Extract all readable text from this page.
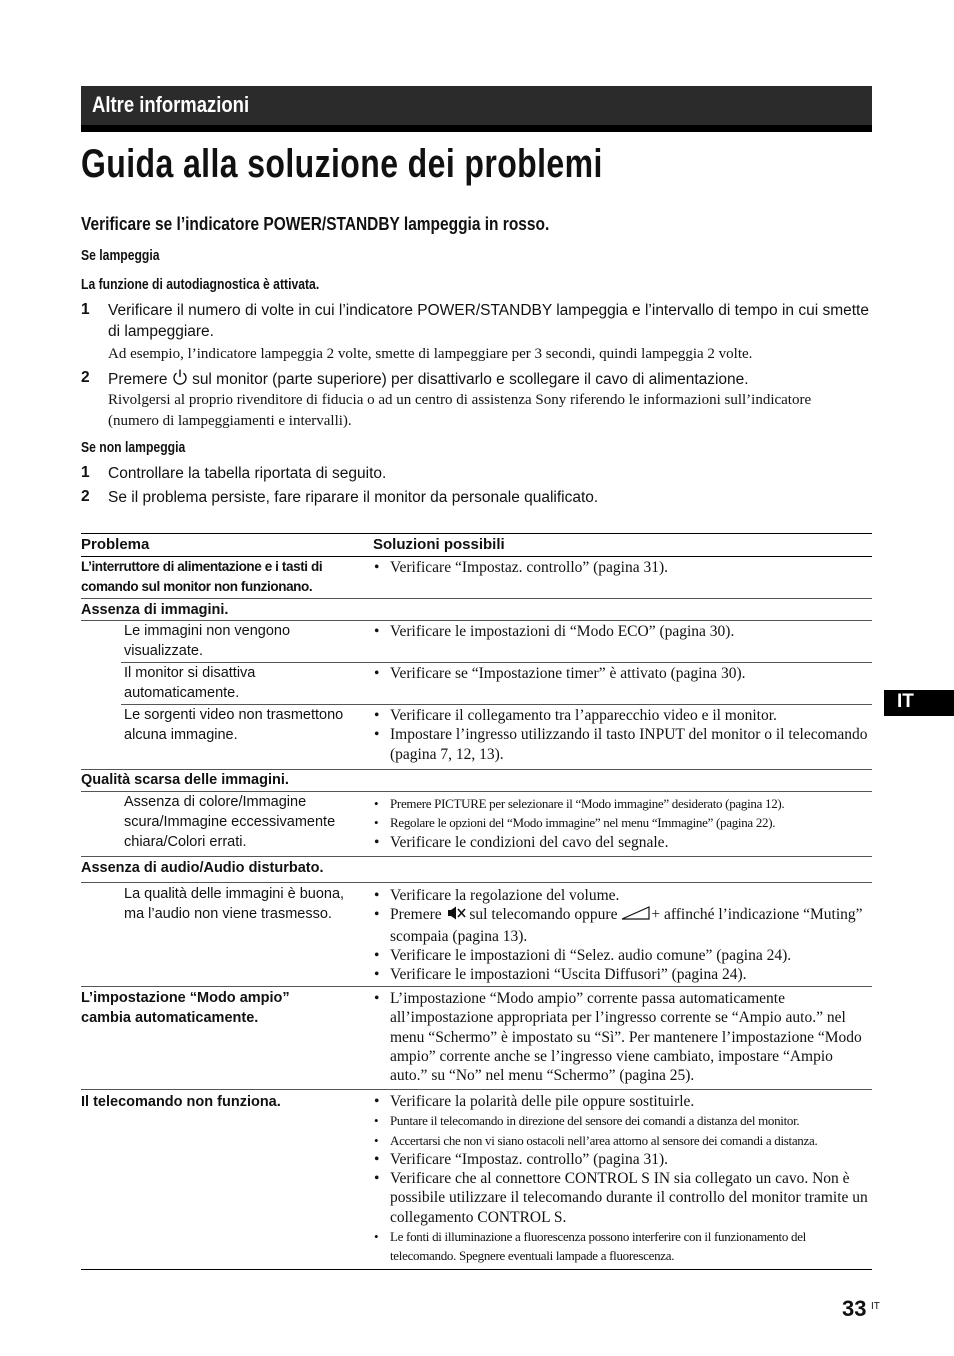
Altre informazioni
Guida alla soluzione dei problemi
Verificare se l’indicatore POWER/STANDBY lampeggia in rosso.
Se lampeggia
La funzione di autodiagnostica è attivata.
1 Verificare il numero di volte in cui l’indicatore POWER/STANDBY lampeggia e l’intervallo di tempo in cui smette di lampeggiare.
Ad esempio, l’indicatore lampeggia 2 volte, smette di lampeggiare per 3 secondi, quindi lampeggia 2 volte.
2 Premere sul monitor (parte superiore) per disattivarlo e scollegare il cavo di alimentazione.
Rivolgersi al proprio rivenditore di fiducia o ad un centro di assistenza Sony riferendo le informazioni sull’indicatore (numero di lampeggiamenti e intervalli).
Se non lampeggia
1 Controllare la tabella riportata di seguito.
2 Se il problema persiste, fare riparare il monitor da personale qualificato.
Problema	Soluzioni possibili
L’interruttore di alimentazione e i tasti di comando sul monitor non funzionano.
• Verificare “Impostaz. controllo” (pagina 31).
Assenza di immagini.
Le immagini non vengono visualizzate.
• Verificare le impostazioni di “Modo ECO” (pagina 30).
Il monitor si disattiva automaticamente.
• Verificare se “Impostazione timer” è attivato (pagina 30).
Le sorgenti video non trasmettono alcuna immagine.
• Verificare il collegamento tra l’apparecchio video e il monitor.
• Impostare l’ingresso utilizzando il tasto INPUT del monitor o il telecomando (pagina 7, 12, 13).
Qualità scarsa delle immagini.
Assenza di colore/Immagine scura/Immagine eccessivamente chiara/Colori errati.
• Premere PICTURE per selezionare il “Modo immagine” desiderato (pagina 12).
• Regolare le opzioni del “Modo immagine” nel menu “Immagine” (pagina 22).
• Verificare le condizioni del cavo del segnale.
Assenza di audio/Audio disturbato.
La qualità delle immagini è buona, ma l’audio non viene trasmesso.
• Verificare la regolazione del volume.
• Premere sul telecomando oppure + affinché l’indicazione “Muting” scompaia (pagina 13).
• Verificare le impostazioni di “Selez. audio comune” (pagina 24).
• Verificare le impostazioni “Uscita Diffusori” (pagina 24).
L’impostazione “Modo ampio” cambia automaticamente.
• L’impostazione “Modo ampio” corrente passa automaticamente all’impostazione appropriata per l’ingresso corrente se “Ampio auto.” nel menu “Schermo” è impostato su “Sì”. Per mantenere l’impostazione “Modo ampio” corrente anche se l’ingresso viene cambiato, impostare “Ampio auto.” su “No” nel menu “Schermo” (pagina 25).
Il telecomando non funziona.
•	Verificare la polarità delle pile oppure sostituirle.
• Puntare il telecomando in direzione del sensore dei comandi a distanza del monitor.
• Accertarsi che non vi siano ostacoli nell’area attorno al sensore dei comandi a distanza.
• Verificare “Impostaz. controllo” (pagina 31).
• Verificare che al connettore CONTROL S IN sia collegato un cavo. Non è possibile utilizzare il telecomando durante il controllo del monitor tramite un collegamento CONTROL S.
• Le fonti di illuminazione a fluorescenza possono interferire con il funzionamento del telecomando. Spegnere eventuali lampade a fluorescenza.
IT
33 IT
